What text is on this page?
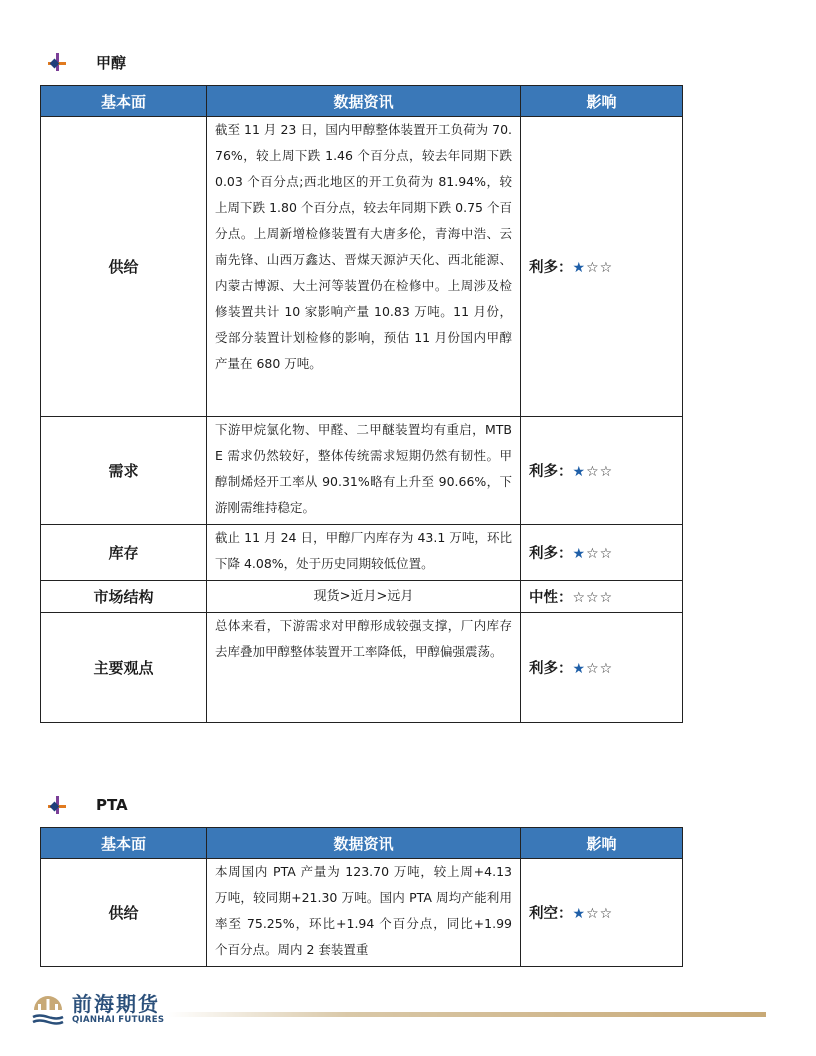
甲醇
基本面	数据资讯	影响
供给	截至 11 月 23 日，国内甲醇整体装置开工负荷为 70.76%，较上周下跌 1.46 个百分点，较去年同期下跌 0.03 个百分点;西北地区的开工负荷为 81.94%，较上周下跌 1.80 个百分点，较去年同期下跌 0.75 个百分点。上周新增检修装置有大唐多伦，青海中浩、云南先锋、山西万鑫达、晋煤天源泸天化、西北能源、内蒙古博源、大土河等装置仍在检修中。上周涉及检修装置共计 10 家影响产量 10.83 万吨。11 月份，受部分装置计划检修的影响，预估 11 月份国内甲醇产量在 680 万吨。	利多：★☆☆
需求	下游甲烷氯化物、甲醛、二甲醚装置均有重启，MTBE 需求仍然较好，整体传统需求短期仍然有韧性。甲醇制烯烃开工率从 90.31%略有上升至 90.66%，下游刚需维持稳定。	利多：★☆☆
库存	截止 11 月 24 日，甲醇厂内库存为 43.1 万吨，环比下降 4.08%，处于历史同期较低位置。	利多：★☆☆
市场结构	现货>近月>远月	中性：☆☆☆
主要观点	总体来看，下游需求对甲醇形成较强支撑，厂内库存去库叠加甲醇整体装置开工率降低，甲醇偏强震荡。	利多：★☆☆
PTA
基本面	数据资讯	影响
供给	本周国内 PTA 产量为 123.70 万吨，较上周+4.13 万吨，较同期+21.30 万吨。国内 PTA 周均产能利用率至 75.25%，环比+1.94 个百分点，同比+1.99 个百分点。周内 2 套装置重	利空：★☆☆
前海期货
QIANHAI FUTURES
